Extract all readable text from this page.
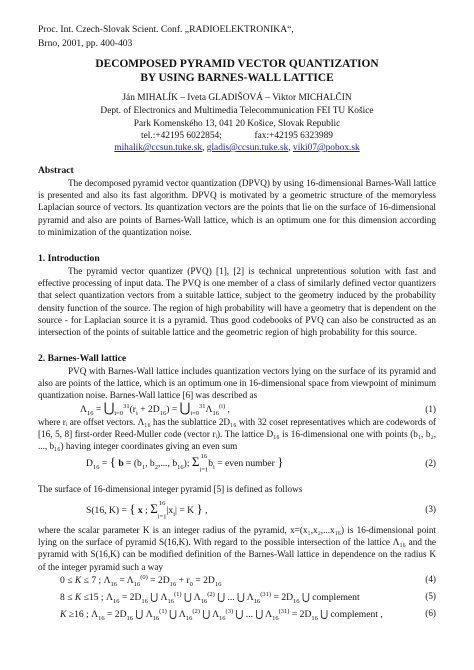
Proc. Int. Czech-Slovak Scient. Conf. „RADIOELEKTRONIKA“,
Brno, 2001, pp. 400-403
DECOMPOSED PYRAMID VECTOR QUANTIZATION
BY USING BARNES-WALL LATTICE
Ján MIHALÍK – Iveta GLADIŠOVÁ – Viktor MICHALČIN
Dept. of Electronics and Multimedia Telecommunication FEI TU Košice
Park Komenského 13, 041 20 Košice, Slovak Republic
tel.:+42195 6022854;	fax:+42195 6323989
mihalik@ccsun.tuke.sk, gladis@ccsun.tuke.sk, viki07@pobox.sk
Abstract

The decomposed pyramid vector quantization (DPVQ) by using 16-dimensional Barnes-Wall lattice is presented and also its fast algorithm. DPVQ is motivated by a geometric structure of the memoryless Laplacian source of vectors. Its quantization vectors are the points that lie on the surface of 16-dimensional pyramid and also are points of Barnes-Wall lattice, which is an optimum one for this dimension according to minimization of the quantization noise.

1. Introduction

The pyramid vector quantizer (PVQ) [1], [2] is technical unpretentious solution with fast and effective processing of input data. The PVQ is one member of a class of similarly defined vector quantizers that select quantization vectors from a suitable lattice, subject to the geometry induced by the probability density function of the source. The region of high probability will have a geometry that is dependent on the source - for Laplacian source it is a pyramid. Thus good codebooks of PVQ can also be constructed as an intersection of the points of suitable lattice and the geometric region of high probability for this source.

2. Barnes-Wall lattice

PVQ with Barnes-Wall lattice includes quantization vectors lying on the surface of its pyramid and also are points of the lattice, which is an optimum one in 16-dimensional space from viewpoint of minimum quantization noise. Barnes-Wall lattice [6] was described as

$\Lambda_{16}$ = $⋃_{i=0}^{31}(r_i + 2D_{16})$ = $⋃_{i=0}^{31}\Lambda_{16}^{(i)}$ ,	(1)

where rᵢ are offset vectors. Λ₁₆ has the sublattice 2D₁₆ with 32 coset representatives which are codewords of [16, 5, 8] first-order Reed-Muller code (vector rᵢ). The lattice D₁₆ is 16-dimensional one with points (b₁, b₂, ..., b₁₆) having integer coordinates giving an even sum

$D_{16}$ = { $b = (b_1$, $b_2$,..., $b_{16}$); $\Sigma^{16}$
$_{i=1}b_i$ = even number }	(2)

The surface of 16-dimensional integer pyramid [5] is defined as follows

S(16, K) = { x ; $\Sigma^{16}$
$_{i=1}|x_i| = K$ } ,	(3)

where the scalar parameter K is an integer radius of the pyramid, x=(x₁,x₂,...x₁₆) is 16-dimensional point lying on the surface of pyramid S(16,K). With regard to the possible intersection of the lattice Λ₁₆ and the pyramid with S(16,K) can be modified definition of the Barnes-Wall lattice in dependence on the radius K of the integer pyramid such a way

0 ≤ K ≤ 7 ; $\Lambda_{16} = \Lambda_{16}^{(0)} = 2D_{16} + r_0 = 2D_{16}$
(4)
8 ≤ K ≤15 ; $\Lambda_{16} = 2D_{16}$ ⋃ $\Lambda_{16}^{(1)}$ ⋃ $\Lambda_{16}^{(2)}$ ⋃ ... ⋃ $\Lambda_{16}^{(31)} = 2D_{16}$ ⋃ complement	(5)
K ≥16 ; $\Lambda_{16} = 2D_{16}$ ⋃ $\Lambda_{16}^{(1)}$ ⋃ $\Lambda_{16}^{(2)}$ ⋃ $\Lambda_{16}^{(3)}$ ⋃ ... ⋃ $\Lambda_{16}^{(31)} = 2D_{16}$ ⋃ complement ,	(6)
